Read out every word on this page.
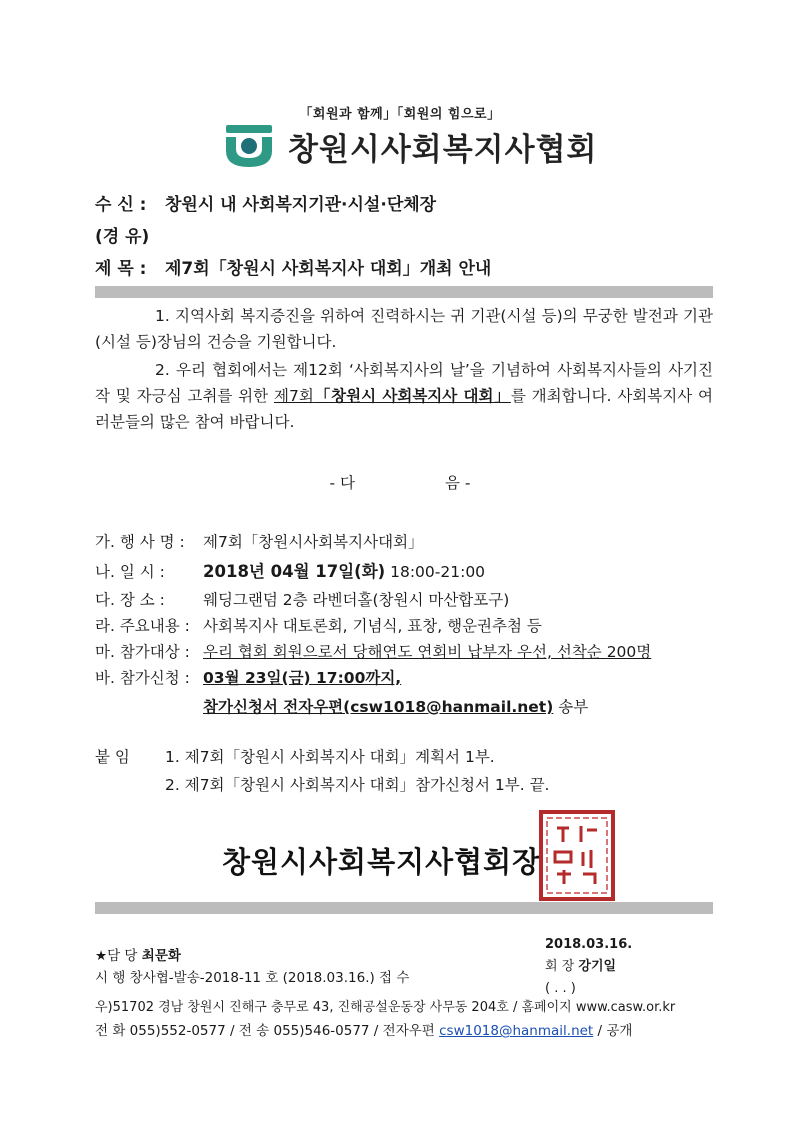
「회원과 함께」「회원의 힘으로」
창원시사회복지사협회
수 신 : 창원시 내 사회복지기관·시설·단체장
(경 유)
제 목 : 제7회「창원시 사회복지사 대회」개최 안내
1. 지역사회 복지증진을 위하여 진력하시는 귀 기관(시설 등)의 무궁한 발전과 기관(시설 등)장님의 건승을 기원합니다.
2. 우리 협회에서는 제12회 ‘사회복지사의 날’을 기념하여 사회복지사들의 사기진작 및 자긍심 고취를 위한 제7회「창원시 사회복지사 대회」를 개최합니다. 사회복지사 여러분들의 많은 참여 바랍니다.
- 다	음 -
가. 행 사 명 : 제7회「창원시사회복지사대회」
나. 일 시 : 2018년 04월 17일(화) 18:00-21:00
다. 장 소 : 웨딩그랜덤 2층 라벤더홀(창원시 마산합포구)
라. 주요내용 : 사회복지사 대토론회, 기념식, 표창, 행운권추첨 등
마. 참가대상 : 우리 협회 회원으로서 당해연도 연회비 납부자 우선, 선착순 200명
바. 참가신청 : 03월 23일(금) 17:00까지,
참가신청서 전자우편(csw1018@hanmail.net) 송부
붙 임 1. 제7회「창원시 사회복지사 대회」계획서 1부.
2. 제7회「창원시 사회복지사 대회」참가신청서 1부. 끝.
창원시사회복지사협회장
2018.03.16.
회 장 강기일
( . . )
★담 당 최문화
시 행 창사협-발송-2018-11 호 (2018.03.16.) 접 수
우)51702 경남 창원시 진해구 충무로 43, 진해공설운동장 사무동 204호 / 홈페이지 www.casw.or.kr
전 화 055)552-0577 / 전 송 055)546-0577 / 전자우편 csw1018@hanmail.net / 공개
